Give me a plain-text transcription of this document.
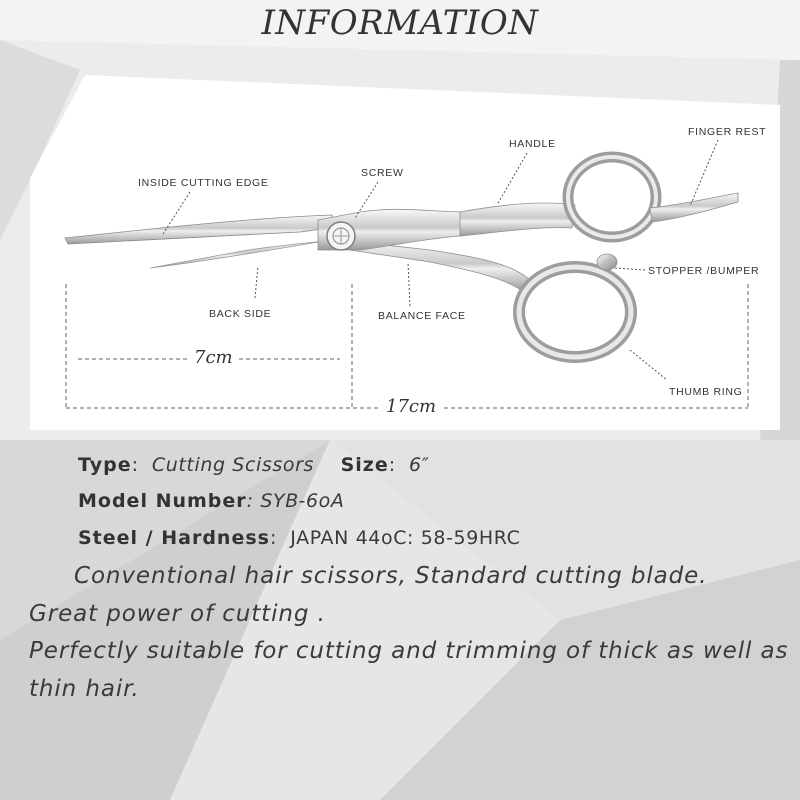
INFORMATION
INSIDE CUTTING EDGE
SCREW
HANDLE
FINGER REST
STOPPER /BUMPER
BACK SIDE	BALANCE FACE
THUMB RING
7cm
17cm
Type:  Cutting Scissors Size:  6″
Model Number: SYB-6oA
Steel / Hardness:  JAPAN 44oC: 58-59HRC
Conventional hair scissors, Standard cutting blade.
Great power of cutting .
Perfectly suitable for cutting and trimming of thick as well as thin hair.
